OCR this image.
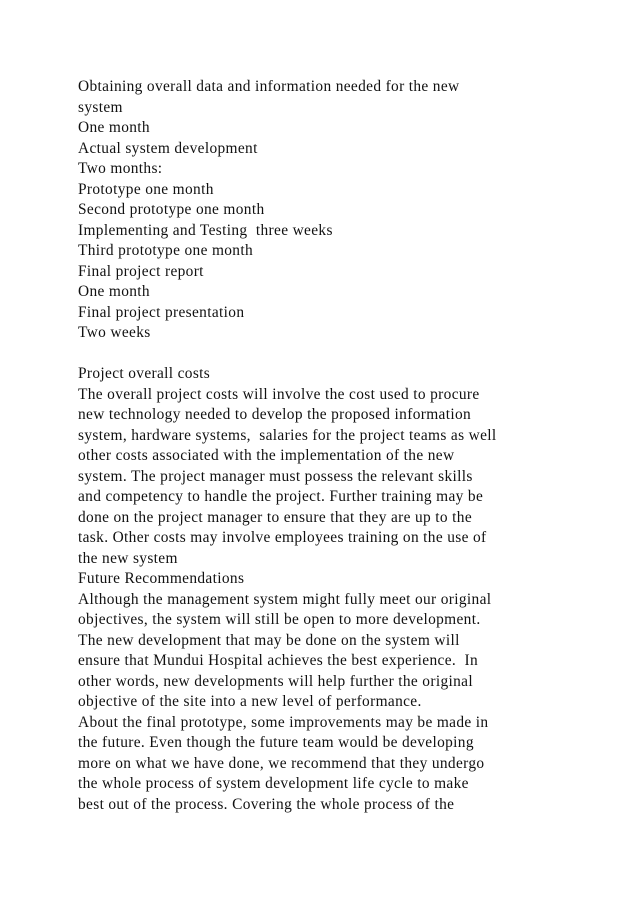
Obtaining overall data and information needed for the new
system
One month
Actual system development
Two months:
Prototype one month
Second prototype one month
Implementing and Testing  three weeks
Third prototype one month
Final project report
One month
Final project presentation
Two weeks
Project overall costs
The overall project costs will involve the cost used to procure
new technology needed to develop the proposed information
system, hardware systems,  salaries for the project teams as well
other costs associated with the implementation of the new
system. The project manager must possess the relevant skills
and competency to handle the project. Further training may be
done on the project manager to ensure that they are up to the
task. Other costs may involve employees training on the use of
the new system
Future Recommendations
Although the management system might fully meet our original
objectives, the system will still be open to more development.
The new development that may be done on the system will
ensure that Mundui Hospital achieves the best experience.  In
other words, new developments will help further the original
objective of the site into a new level of performance.
About the final prototype, some improvements may be made in
the future. Even though the future team would be developing
more on what we have done, we recommend that they undergo
the whole process of system development life cycle to make
best out of the process. Covering the whole process of the
